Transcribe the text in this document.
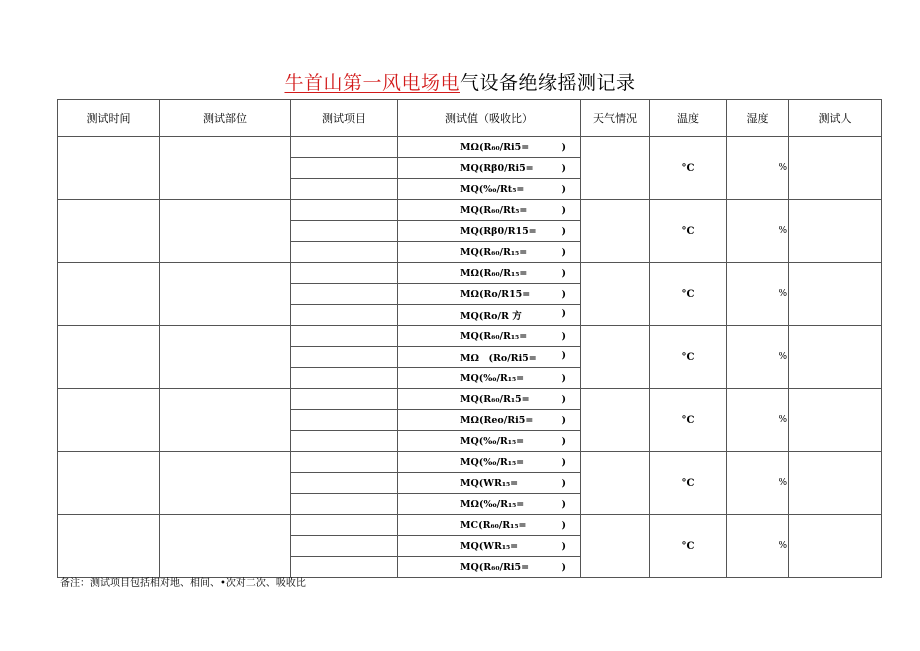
牛首山第一风电场电气设备绝缘摇测记录
测试时间	测试部位	测试项目	测试值（吸收比）	天气情况	温度	湿度	测试人
			MΩ(R₆₀/Ri5= )		°C	%	
			MQ(Rβ0/Ri5= )				

			MQ(‰/Rt₅= )				

			MQ(R₆₀/Rt₅= )		°C	%	
			MQ(Rβ0/R15= )				

			MQ(R₆₀/R₁₅= )				

			MΩ(R₆₀/R₁₅= )		°C	%	
			MΩ(Ro/R15= )				

			MQ(Ro/R 方 )				

			MQ(R₆₀/R₁₅= )		°C	%	
			MΩ　(Ro/Ri5= )				

			MQ(‰/R₁₅= )				

			MQ(R₆₀/R₁5= )		°C	%	
			MΩ(Reo/Ri5= )				

			MQ(‰/R₁₅= )				

			MQ(‰/R₁₅= )		°C	%	
			MQ(WR₁₅= )				

			MΩ(‰/R₁₅= )				

			MC(R₆₀/R₁₅= )		°C	%	
			MQ(WR₁₅= )				

			MQ(R₆₀/Ri5= )				
备注：测试项目包括相对地、相间、•次对二次、吸收比
